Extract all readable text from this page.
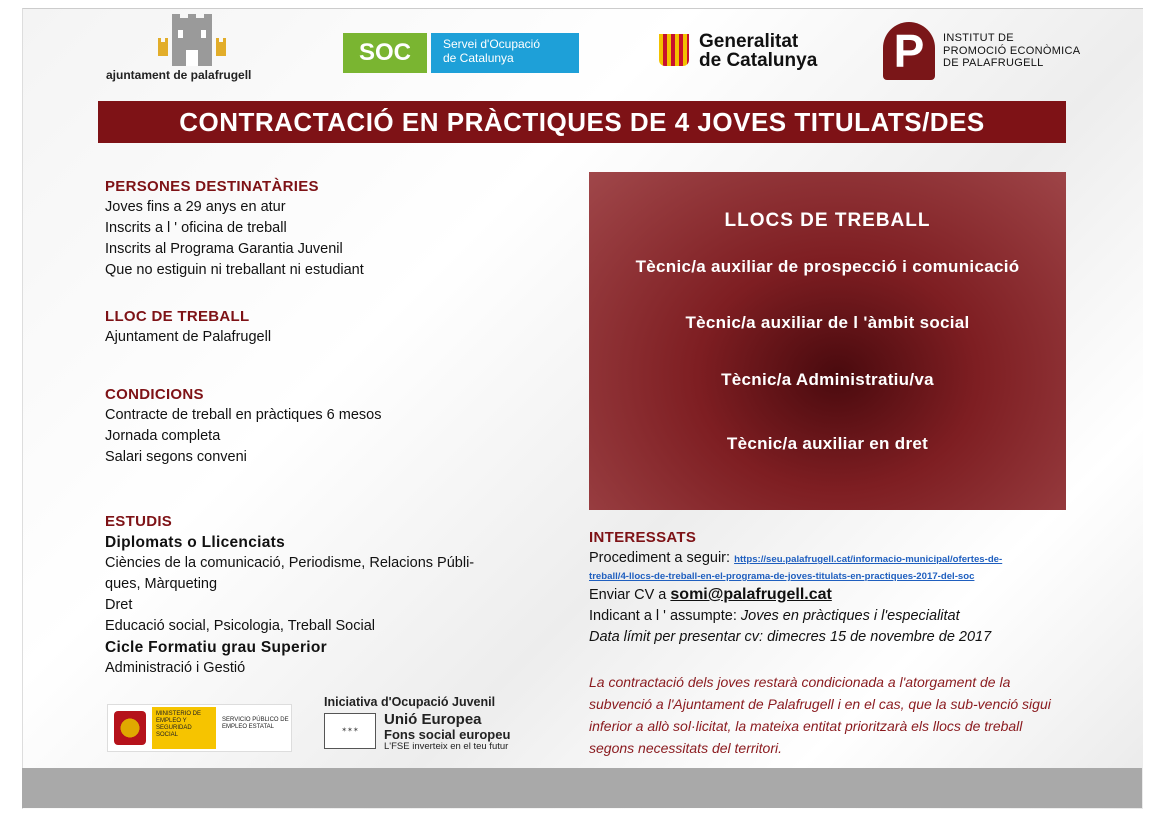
ajuntament de palafrugell
SOC	Servei d'Ocupació
de Catalunya
Generalitat
de Catalunya P	INSTITUT DE
PROMOCIÓ ECONÒMICA
DE PALAFRUGELL
CONTRACTACIÓ EN PRÀCTIQUES DE 4 JOVES TITULATS/DES
PERSONES DESTINATÀRIES
Joves fins a 29 anys en atur
Inscrits a l ' oficina de treball
Inscrits al Programa Garantia Juvenil
Que no estiguin ni treballant ni estudiant
LLOC DE TREBALL
Ajuntament de Palafrugell
CONDICIONS
Contracte de treball en pràctiques 6 mesos
Jornada completa
Salari segons conveni
ESTUDIS
Diplomats o Llicenciats
Ciències de la comunicació, Periodisme, Relacions Públi-
ques, Màrqueting
Dret
Educació social, Psicologia, Treball Social
Cicle Formatiu grau Superior
Administració i Gestió
LLOCS DE TREBALL
Tècnic/a auxiliar de prospecció i comunicació
Tècnic/a auxiliar de l 'àmbit social
Tècnic/a Administratiu/va
Tècnic/a auxiliar en dret
INTERESSATS
Procediment a seguir: https://seu.palafrugell.cat/informacio-municipal/ofertes-de-
treball/4-llocs-de-treball-en-el-programa-de-joves-titulats-en-practiques-2017-del-soc
Enviar CV a somi@palafrugell.cat
Indicant a l ' assumpte: Joves en pràctiques i l'especialitat
Data límit per presentar cv: dimecres 15 de novembre de 2017
La contractació dels joves restarà condicionada a l'atorgament de la subvenció a l'Ajuntament de Palafrugell i en el cas, que la sub-venció sigui inferior a allò sol·licitat, la mateixa entitat prioritzarà els llocs de treball segons necessitats del territori.
MINISTERIO DE EMPLEO Y SEGURIDAD SOCIAL
SERVICIO PÚBLICO DE EMPLEO ESTATAL
Iniciativa d'Ocupació Juvenil
✶✶✶
Unió Europea
Fons social europeu
L'FSE inverteix en el teu futur
